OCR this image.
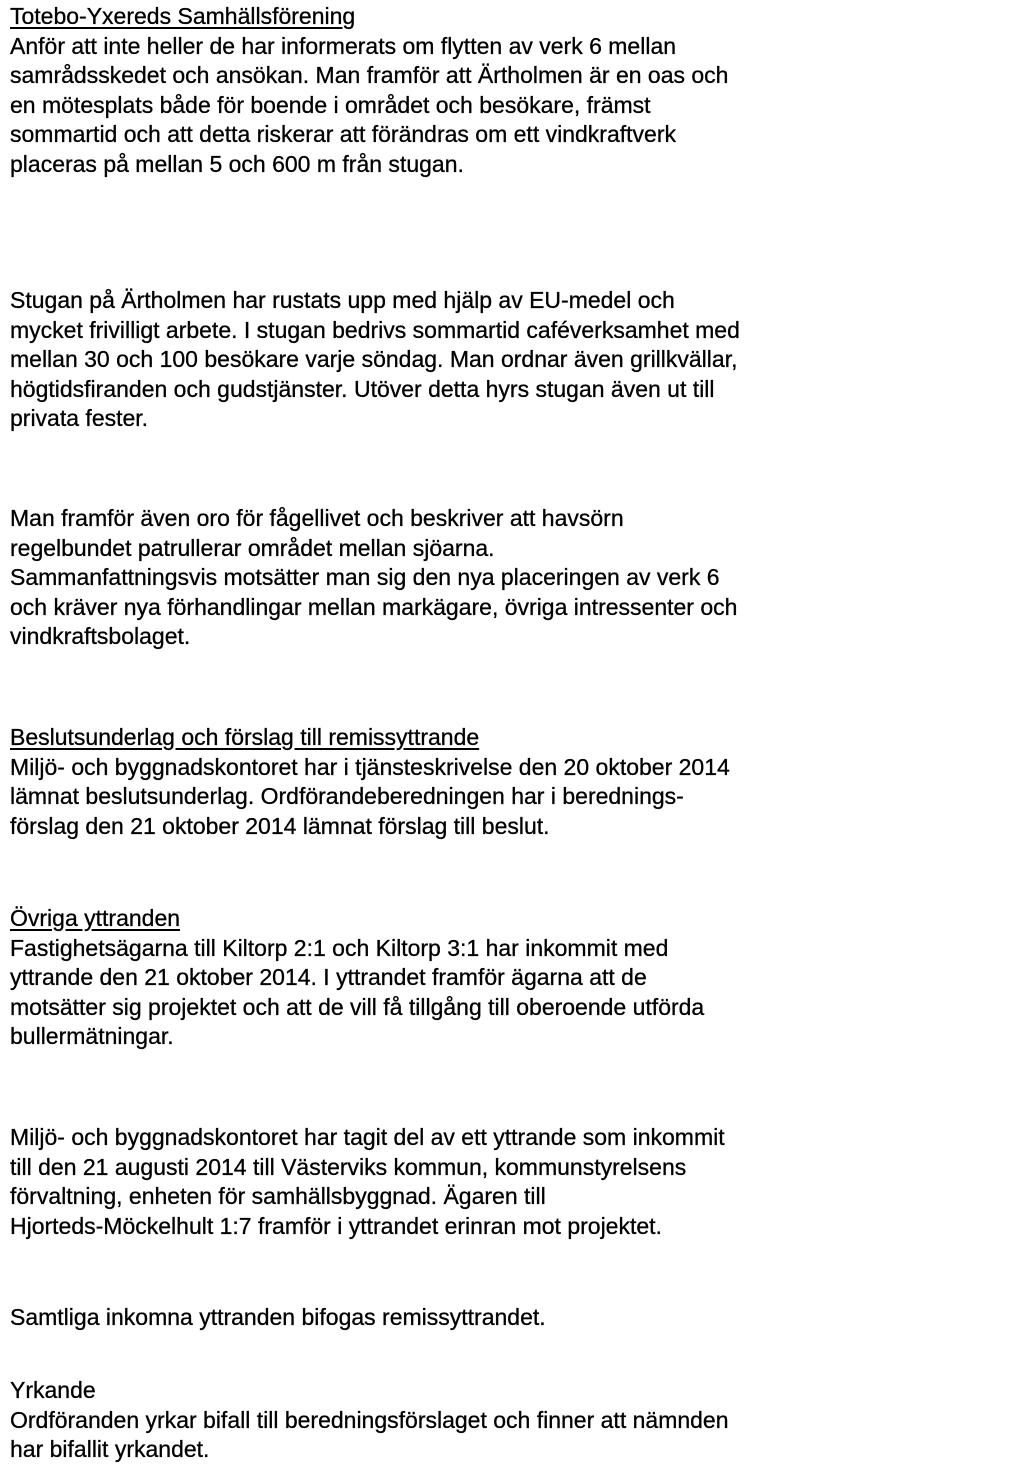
Totebo-Yxereds Samhällsförening

Anför att inte heller de har informerats om flytten av verk 6 mellan
samrådsskedet och ansökan. Man framför att Ärtholmen är en oas och
en mötesplats både för boende i området och besökare, främst
sommartid och att detta riskerar att förändras om ett vindkraftverk
placeras på mellan 5 och 600 m från stugan.

Stugan på Ärtholmen har rustats upp med hjälp av EU-medel och
mycket frivilligt arbete. I stugan bedrivs sommartid caféverksamhet med
mellan 30 och 100 besökare varje söndag. Man ordnar även grillkvällar,
högtidsfiranden och gudstjänster. Utöver detta hyrs stugan även ut till
privata fester.

Man framför även oro för fågellivet och beskriver att havsörn
regelbundet patrullerar området mellan sjöarna.
Sammanfattningsvis motsätter man sig den nya placeringen av verk 6
och kräver nya förhandlingar mellan markägare, övriga intressenter och
vindkraftsbolaget.

Beslutsunderlag och förslag till remissyttrande

Miljö- och byggnadskontoret har i tjänsteskrivelse den 20 oktober 2014
lämnat beslutsunderlag. Ordförandeberedningen har i berednings-
förslag den 21 oktober 2014 lämnat förslag till beslut.

Övriga yttranden

Fastighetsägarna till Kiltorp 2:1 och Kiltorp 3:1 har inkommit med
yttrande den 21 oktober 2014. I yttrandet framför ägarna att de
motsätter sig projektet och att de vill få tillgång till oberoende utförda
bullermätningar.

Miljö- och byggnadskontoret har tagit del av ett yttrande som inkommit
till den 21 augusti 2014 till Västerviks kommun, kommunstyrelsens
förvaltning, enheten för samhällsbyggnad. Ägaren till
Hjorteds-Möckelhult 1:7 framför i yttrandet erinran mot projektet.

Samtliga inkomna yttranden bifogas remissyttrandet.

Yrkande

Ordföranden yrkar bifall till beredningsförslaget och finner att nämnden
har bifallit yrkandet.
